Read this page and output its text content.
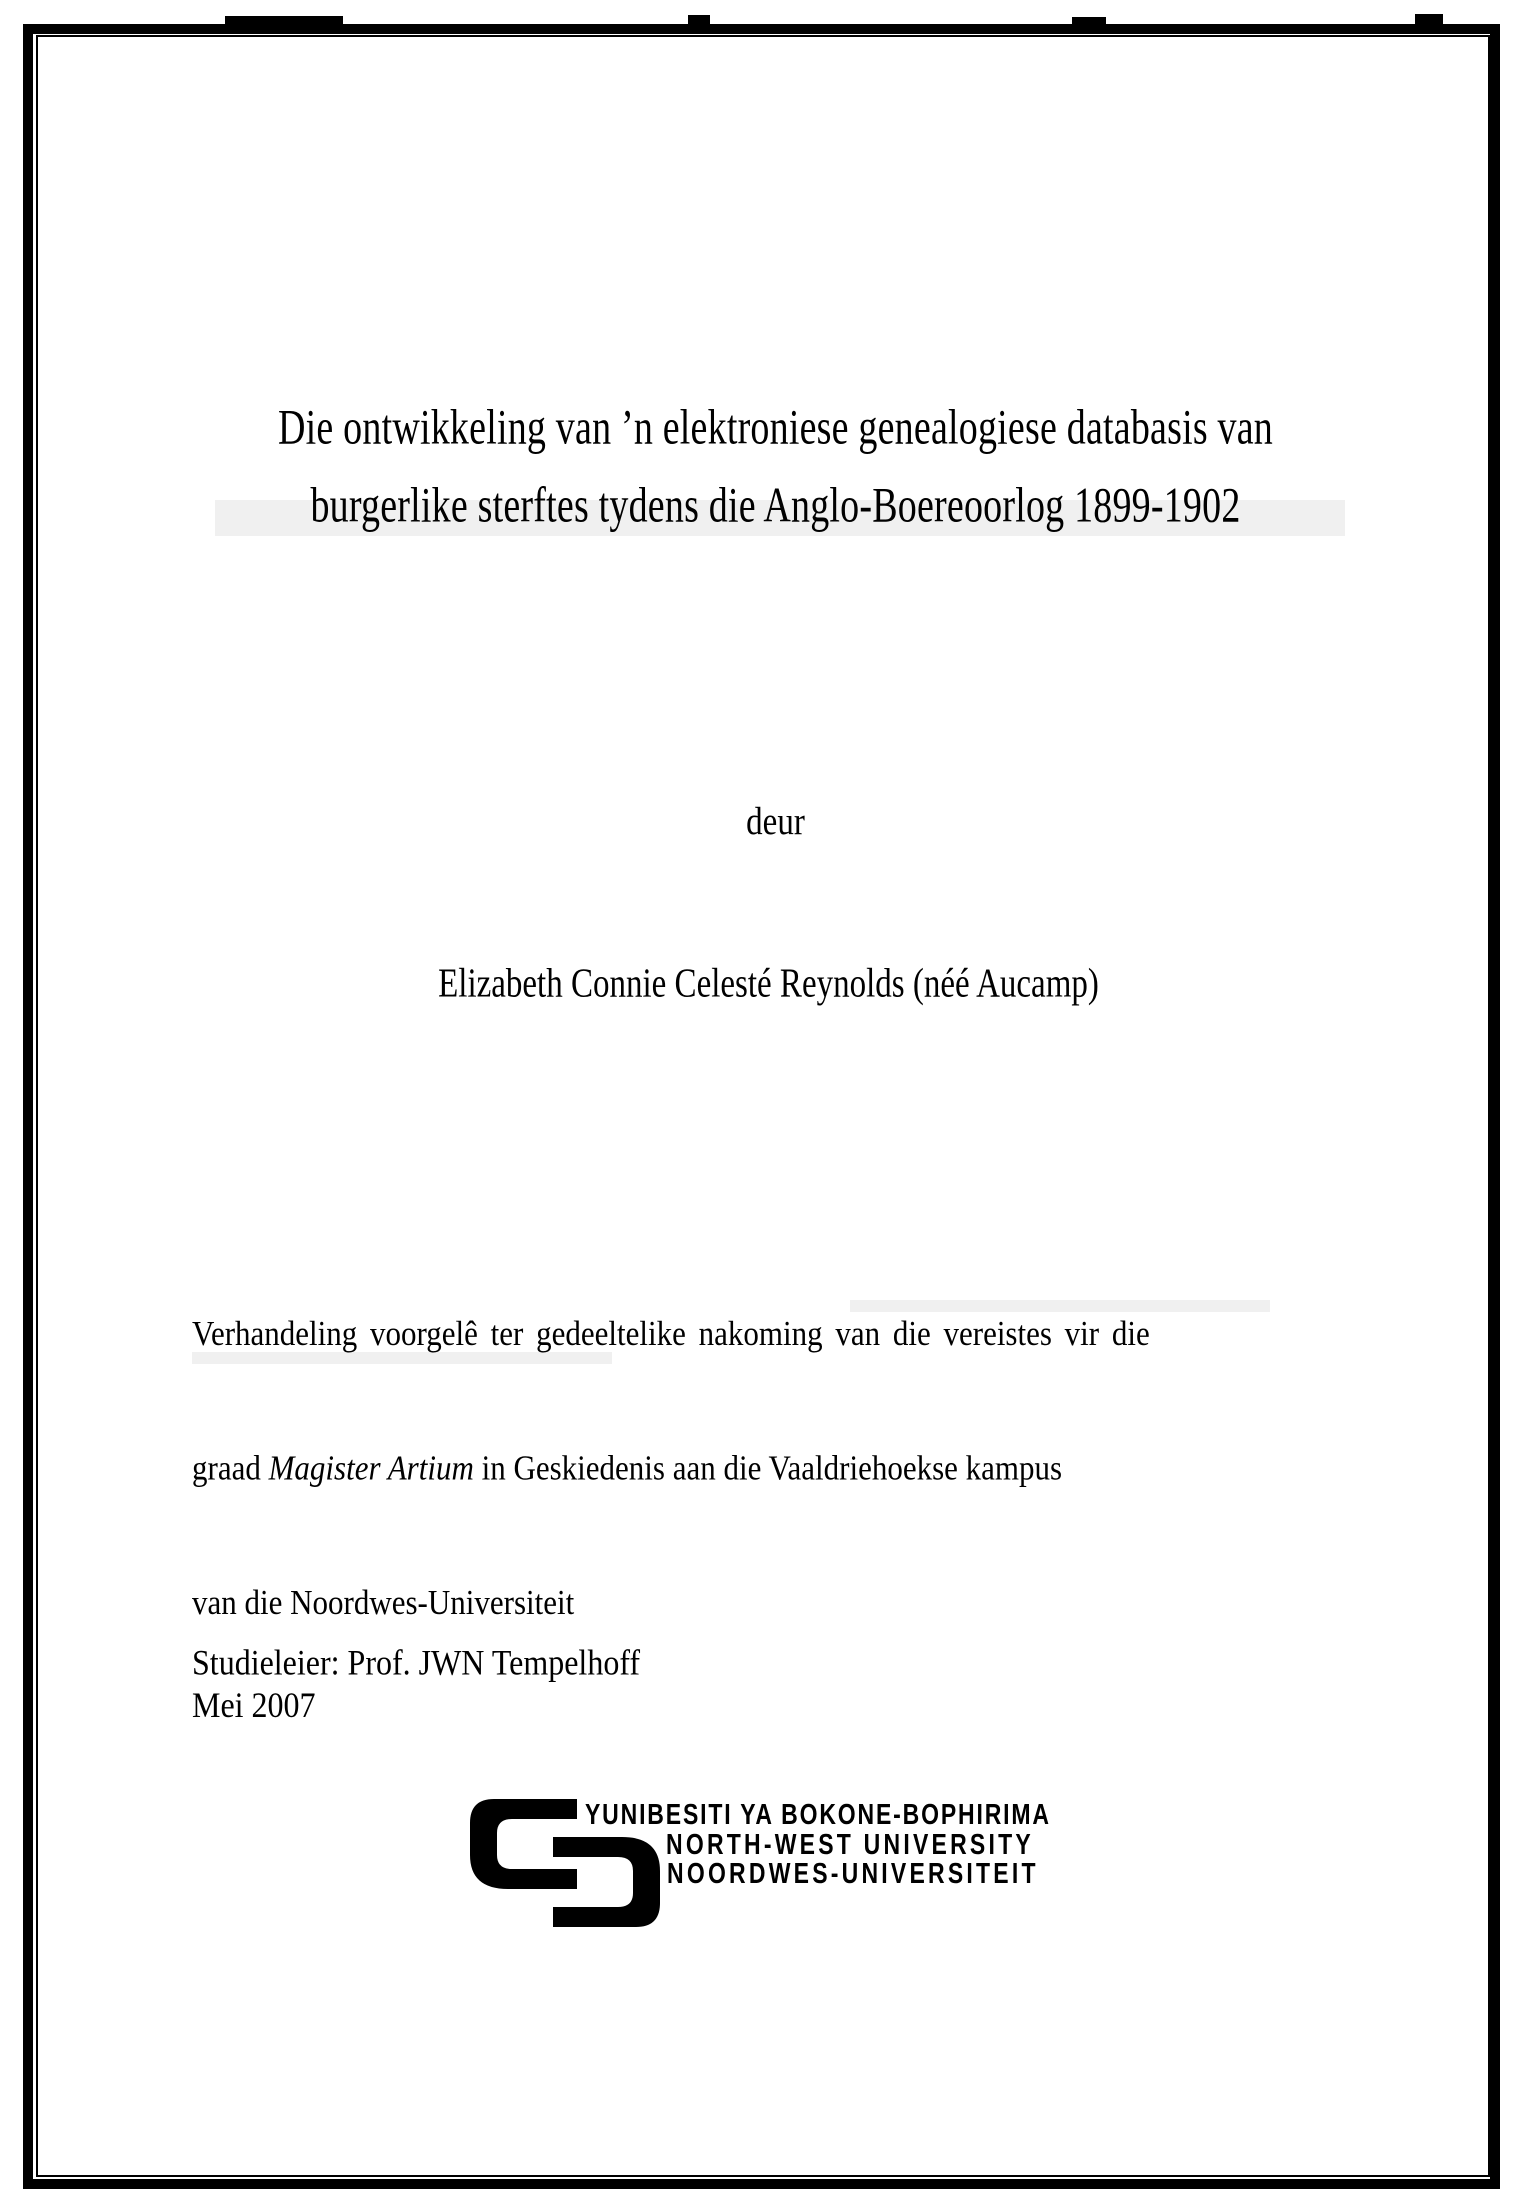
Die ontwikkeling van ’n elektroniese genealogiese databasis van
burgerlike sterftes tydens die Anglo-Boereoorlog 1899-1902
deur
Elizabeth Connie Celesté Reynolds (néé Aucamp)

Verhandeling voorgelê ter gedeeltelike nakoming van die vereistes vir die

graad Magister Artium in Geskiedenis aan die Vaaldriehoekse kampus

van die Noordwes-Universiteit

Studieleier: Prof. JWN Tempelhoff
Mei 2007
YUNIBESITI YA BOKONE-BOPHIRIMA
NORTH-WEST UNIVERSITY
NOORDWES-UNIVERSITEIT
